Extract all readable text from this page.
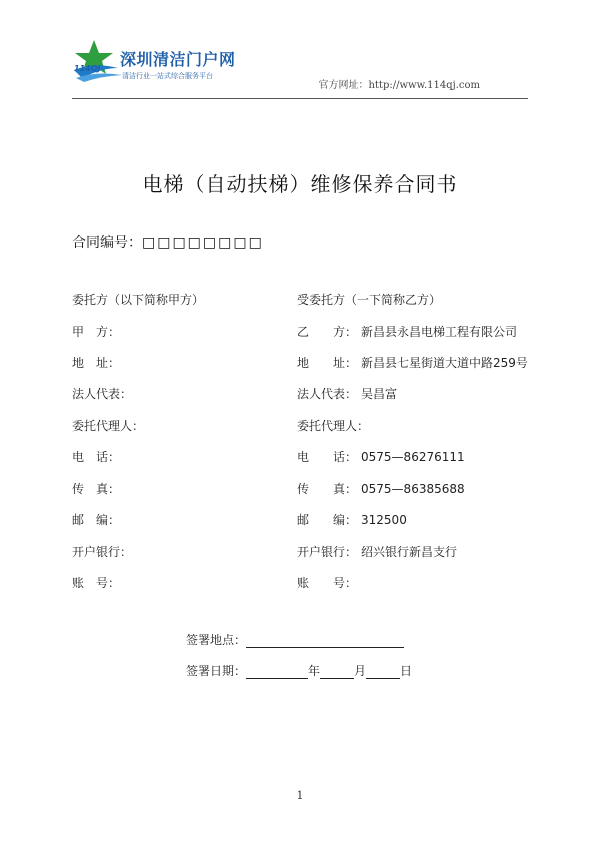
114QJ 深圳清洁门户网
清洁行业一站式综合服务平台
官方网址：http://www.114qj.com
电梯（自动扶梯）维修保养合同书
合同编号：□□□□□□□□
委托方（以下简称甲方）	受委托方（一下简称乙方）
甲　方：	乙　　方： 新昌县永昌电梯工程有限公司
地　址：	地　　址： 新昌县七星街道大道中路259号
法人代表：	法人代表： 吴昌富
委托代理人：	委托代理人：
电　话：	电　　话： 0575—86276111
传　真：	传　　真： 0575—86385688
邮　编：	邮　　编： 312500
开户银行：	开户银行： 绍兴银行新昌支行
账　号：	账　　号：
签署地点：
签署日期：	年	月	日
1
